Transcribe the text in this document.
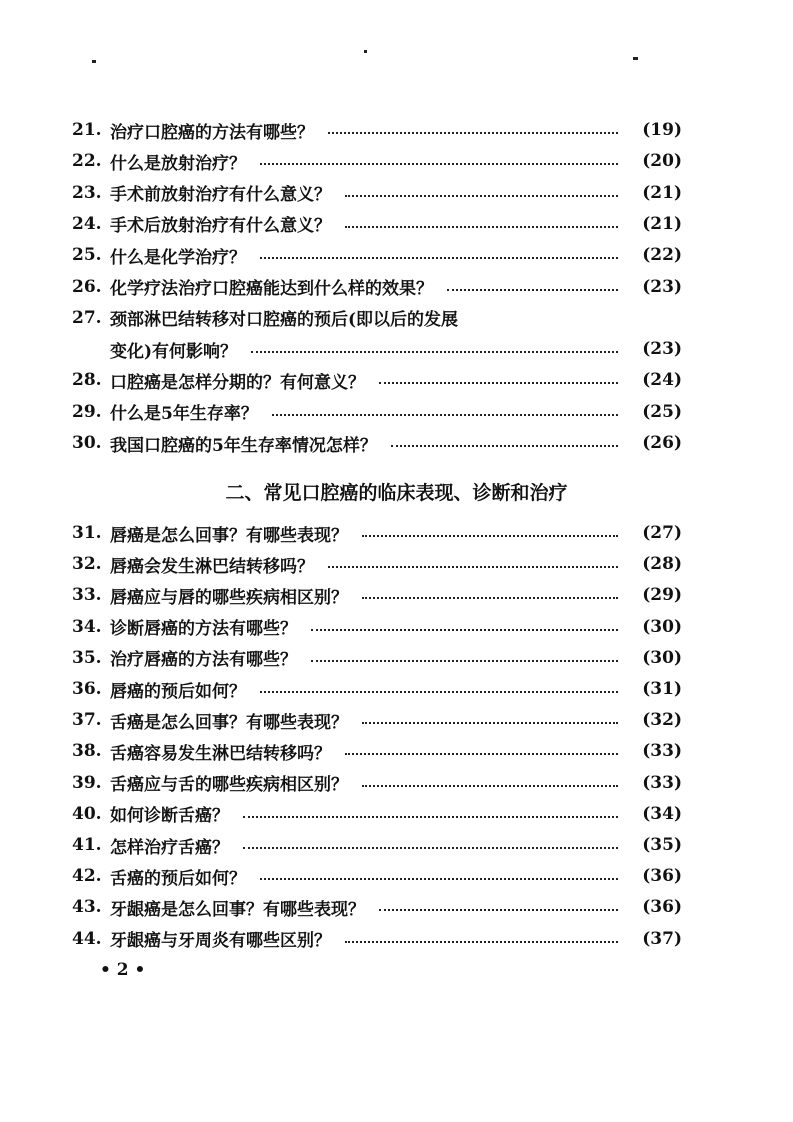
21. 治疗口腔癌的方法有哪些？	(19)
22. 什么是放射治疗？	(20)
23. 手术前放射治疗有什么意义？	(21)
24. 手术后放射治疗有什么意义？	(21)
25. 什么是化学治疗？	(22)
26. 化学疗法治疗口腔癌能达到什么样的效果？	(23)
27. 颈部淋巴结转移对口腔癌的预后(即以后的发展
变化)有何影响？	(23)
28. 口腔癌是怎样分期的？有何意义？	(24)
29. 什么是5年生存率？	(25)
30. 我国口腔癌的5年生存率情况怎样？	(26)
二、常见口腔癌的临床表现、诊断和治疗
31. 唇癌是怎么回事？有哪些表现？	(27)
32. 唇癌会发生淋巴结转移吗？	(28)
33. 唇癌应与唇的哪些疾病相区别？	(29)
34. 诊断唇癌的方法有哪些？	(30)
35. 治疗唇癌的方法有哪些？	(30)
36. 唇癌的预后如何？	(31)
37. 舌癌是怎么回事？有哪些表现？	(32)
38. 舌癌容易发生淋巴结转移吗？	(33)
39. 舌癌应与舌的哪些疾病相区别？	(33)
40. 如何诊断舌癌？	(34)
41. 怎样治疗舌癌？	(35)
42. 舌癌的预后如何？	(36)
43. 牙龈癌是怎么回事？有哪些表现？	(36)
44. 牙龈癌与牙周炎有哪些区别？	(37)
• 2 •
